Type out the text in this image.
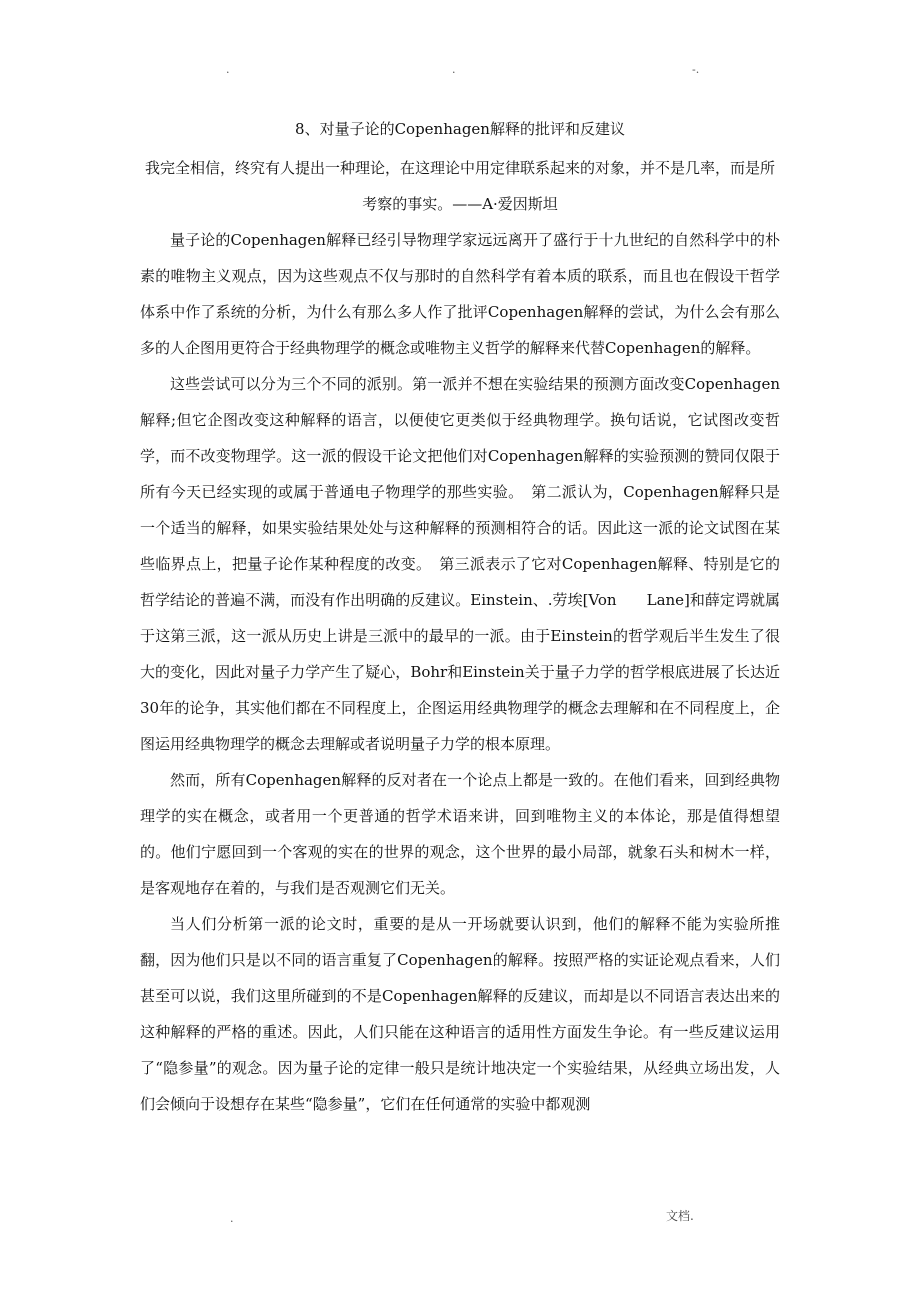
.	.	-.
8、对量子论的Copenhagen解释的批评和反建议

我完全相信，终究有人提出一种理论，在这理论中用定律联系起来的对象，并不是几率，而是所考察的事实。——A·爱因斯坦

量子论的Copenhagen解释已经引导物理学家远远离开了盛行于十九世纪的自然科学中的朴素的唯物主义观点，因为这些观点不仅与那时的自然科学有着本质的联系，而且也在假设干哲学体系中作了系统的分析，为什么有那么多人作了批评Copenhagen解释的尝试，为什么会有那么多的人企图用更符合于经典物理学的概念或唯物主义哲学的解释来代替Copenhagen的解释。

这些尝试可以分为三个不同的派别。第一派并不想在实验结果的预测方面改变Copenhagen解释;但它企图改变这种解释的语言，以便使它更类似于经典物理学。换句话说，它试图改变哲学，而不改变物理学。这一派的假设干论文把他们对Copenhagen解释的实验预测的赞同仅限于所有今天已经实现的或属于普通电子物理学的那些实验。　第二派认为，Copenhagen解释只是一个适当的解释，如果实验结果处处与这种解释的预测相符合的话。因此这一派的论文试图在某些临界点上，把量子论作某种程度的改变。　第三派表示了它对Copenhagen解释、特别是它的哲学结论的普遍不满，而没有作出明确的反建议。Einstein、.劳埃[Von　　Lane]和薛定谔就属于这第三派，这一派从历史上讲是三派中的最早的一派。由于Einstein的哲学观后半生发生了很大的变化，因此对量子力学产生了疑心，Bohr和Einstein关于量子力学的哲学根底进展了长达近30年的论争，其实他们都在不同程度上，企图运用经典物理学的概念去理解和在不同程度上，企图运用经典物理学的概念去理解或者说明量子力学的根本原理。

然而，所有Copenhagen解释的反对者在一个论点上都是一致的。在他们看来，回到经典物理学的实在概念，或者用一个更普通的哲学术语来讲，回到唯物主义的本体论，那是值得想望的。他们宁愿回到一个客观的实在的世界的观念，这个世界的最小局部，就象石头和树木一样，是客观地存在着的，与我们是否观测它们无关。

当人们分析第一派的论文时，重要的是从一开场就要认识到，他们的解释不能为实验所推翻，因为他们只是以不同的语言重复了Copenhagen的解释。按照严格的实证论观点看来，人们甚至可以说，我们这里所碰到的不是Copenhagen解释的反建议，而却是以不同语言表达出来的这种解释的严格的重述。因此，人们只能在这种语言的适用性方面发生争论。有一些反建议运用了“隐参量”的观念。因为量子论的定律一般只是统计地决定一个实验结果，从经典立场出发，人们会倾向于设想存在某些“隐参量”，它们在任何通常的实验中都观测

.	文档.
